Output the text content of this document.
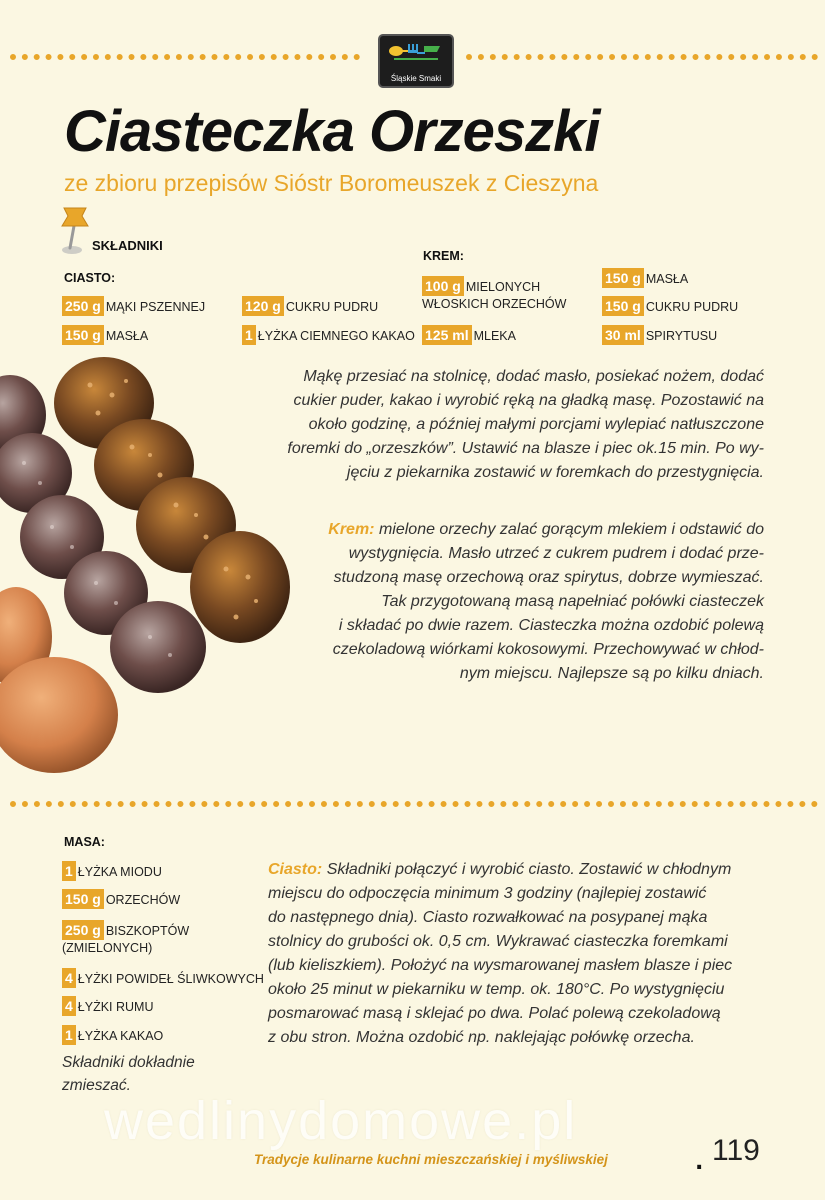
Śląskie Smaki
Ciasteczka Orzeszki
ze zbioru przepisów Sióstr Boromeuszek z Cieszyna
SKŁADNIKI
CIASTO:
250 g MĄKI PSZENNEJ
150 g MASŁA
120 g CUKRU PUDRU
1 ŁYŻKA CIEMNEGO KAKAO
KREM:
100 g MIELONYCH WŁOSKICH ORZECHÓW
125 ml MLEKA
150 g MASŁA
150 g CUKRU PUDRU
30 ml SPIRYTUSU

Mąkę przesiać na stolnicę, dodać masło, posiekać nożem, dodać
cukier puder, kakao i wyrobić ręką na gładką masę. Pozostawić na
około godzinę, a później małymi porcjami wylepiać natłuszczone
foremki do „orzeszków”. Ustawić na blasze i piec ok.15 min. Po wy-
jęciu z piekarnika zostawić w foremkach do przestygnięcia.

Krem: mielone orzechy zalać gorącym mlekiem i odstawić do
wystygnięcia. Masło utrzeć z cukrem pudrem i dodać prze-
studzoną masę orzechową oraz spirytus, dobrze wymieszać.
Tak przygotowaną masą napełniać połówki ciasteczek
i składać po dwie razem. Ciasteczka można ozdobić polewą
czekoladową wiórkami kokosowymi. Przechowywać w chłod-
nym miejscu. Najlepsze są po kilku dniach.

MASA:
1 ŁYŻKA MIODU
150 g ORZECHÓW
250 g BISZKOPTÓW (ZMIELONYCH)
4 ŁYŻKI POWIDEŁ ŚLIWKOWYCH
4 ŁYŻKI RUMU
1 ŁYŻKA KAKAO
Składniki dokładnie zmieszać.

Ciasto: Składniki połączyć i wyrobić ciasto. Zostawić w chłodnym
miejscu do odpoczęcia minimum 3 godziny (najlepiej zostawić
do następnego dnia). Ciasto rozwałkować na posypanej mąka
stolnicy do grubości ok. 0,5 cm. Wykrawać ciasteczka foremkami
(lub kieliszkiem). Położyć na wysmarowanej masłem blasze i piec
około 25 minut w piekarniku w temp. ok. 180°C. Po wystygnięciu
posmarować masą i sklejać po dwa. Polać polewą czekoladową
z obu stron. Można ozdobić np. naklejając połówkę orzecha.

wedlinydomowe.pl
Tradycje kulinarne kuchni mieszczańskiej i myśliwskiej	. 119
